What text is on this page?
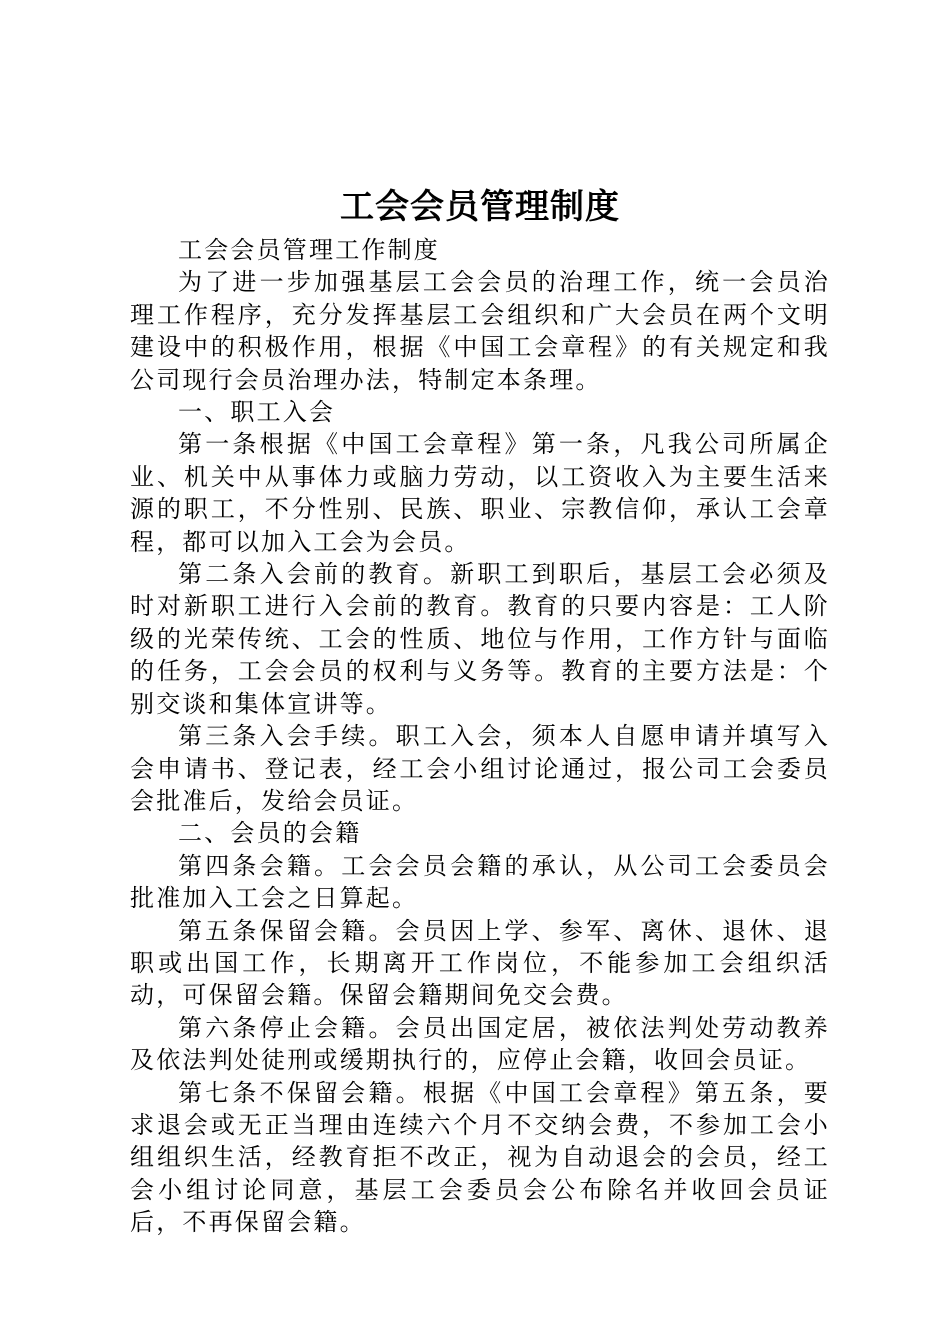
工会会员管理制度

工会会员管理工作制度

为了进一步加强基层工会会员的治理工作，统一会员治理工作程序，充分发挥基层工会组织和广大会员在两个文明建设中的积极作用，根据《中国工会章程》的有关规定和我公司现行会员治理办法，特制定本条理。

一、职工入会

第一条根据《中国工会章程》第一条，凡我公司所属企业、机关中从事体力或脑力劳动，以工资收入为主要生活来源的职工，不分性别、民族、职业、宗教信仰，承认工会章程，都可以加入工会为会员。

第二条入会前的教育。新职工到职后，基层工会必须及时对新职工进行入会前的教育。教育的只要内容是：工人阶级的光荣传统、工会的性质、地位与作用，工作方针与面临的任务，工会会员的权利与义务等。教育的主要方法是：个别交谈和集体宣讲等。

第三条入会手续。职工入会，须本人自愿申请并填写入会申请书、登记表，经工会小组讨论通过，报公司工会委员会批准后，发给会员证。

二、会员的会籍

第四条会籍。工会会员会籍的承认，从公司工会委员会批准加入工会之日算起。

第五条保留会籍。会员因上学、参军、离休、退休、退职或出国工作，长期离开工作岗位，不能参加工会组织活动，可保留会籍。保留会籍期间免交会费。

第六条停止会籍。会员出国定居，被依法判处劳动教养及依法判处徒刑或缓期执行的，应停止会籍，收回会员证。

第七条不保留会籍。根据《中国工会章程》第五条，要求退会或无正当理由连续六个月不交纳会费，不参加工会小组组织生活，经教育拒不改正，视为自动退会的会员，经工会小组讨论同意，基层工会委员会公布除名并收回会员证后，不再保留会籍。
